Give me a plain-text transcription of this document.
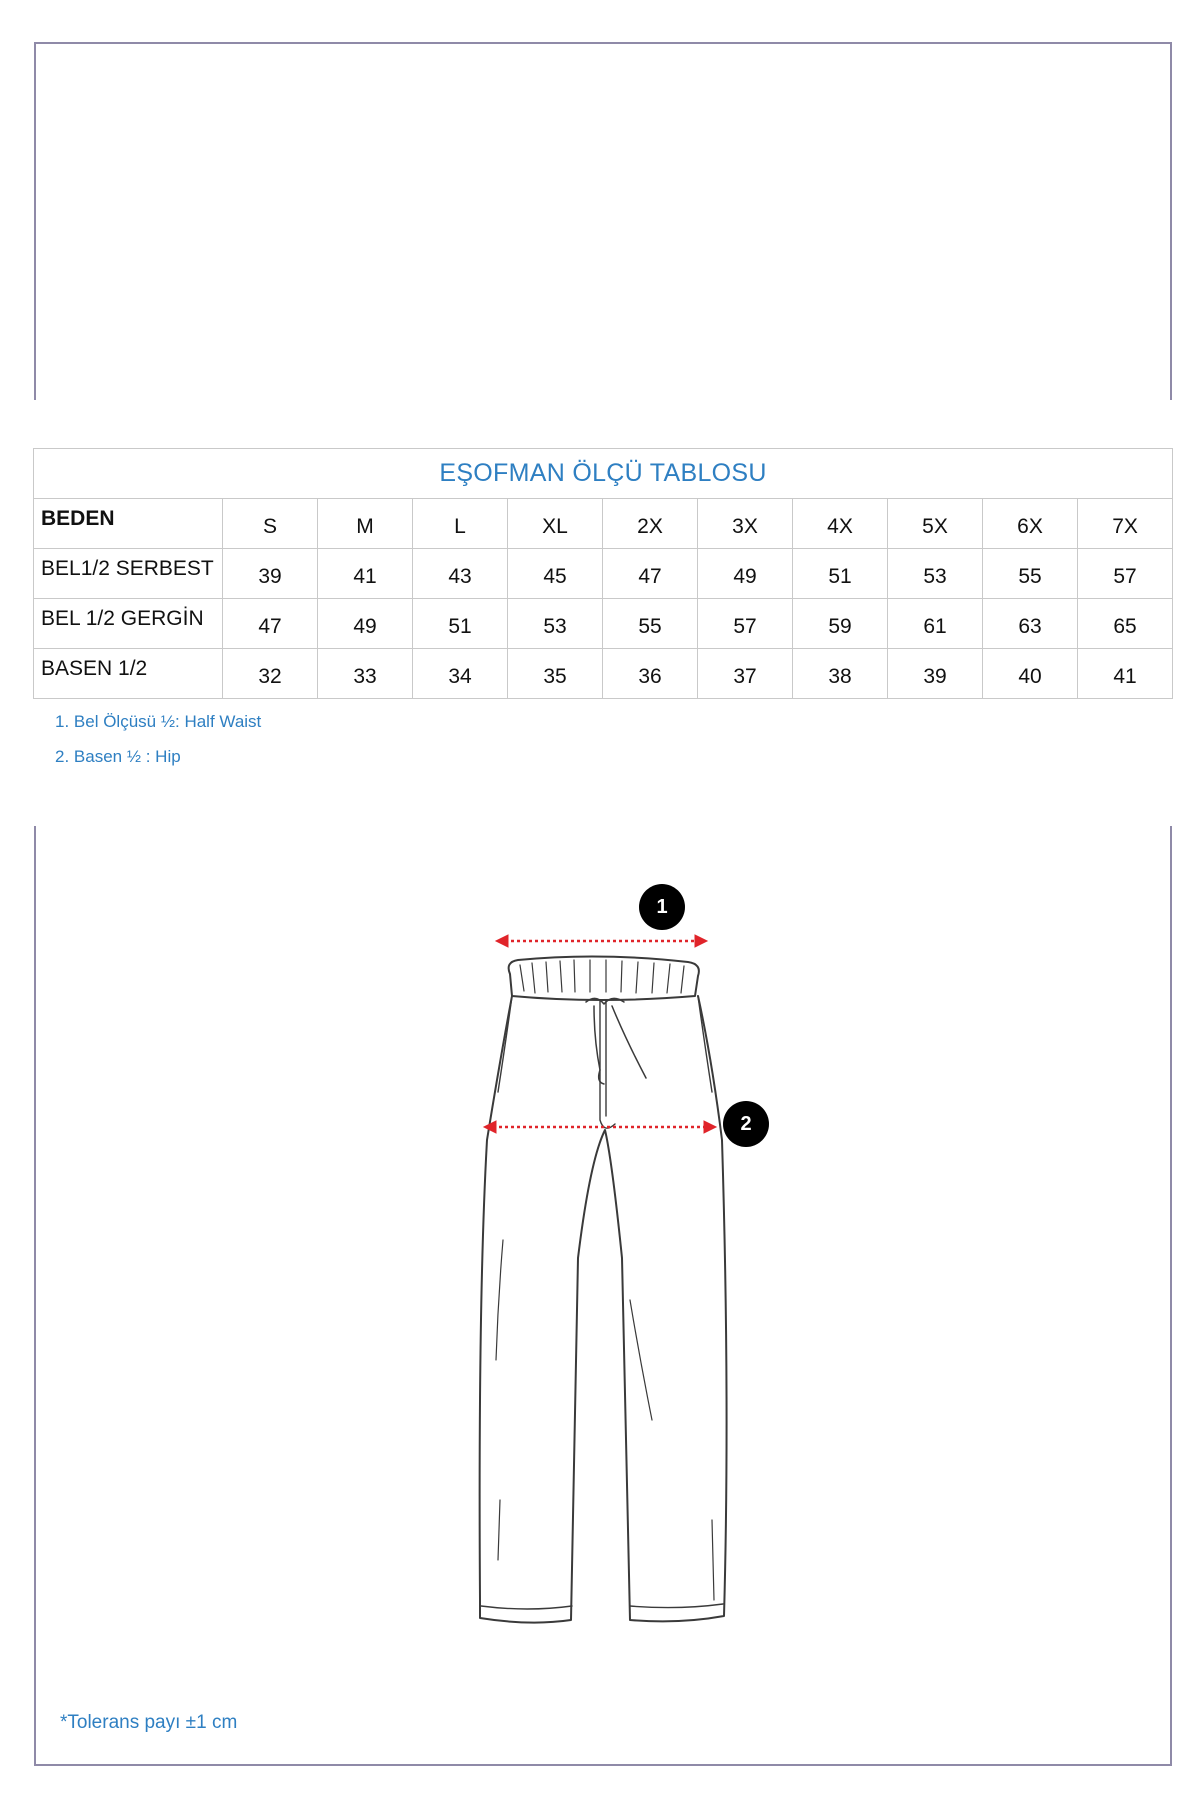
EŞOFMAN ÖLÇÜ TABLOSU										
BEDEN	S	M	L	XL	2X	3X	4X	5X	6X	7X
BEL1/2 SERBEST	39	41	43	45	47	49	51	53	55	57
BEL 1/2 GERGİN	47	49	51	53	55	57	59	61	63	65
BASEN 1/2	32	33	34	35	36	37	38	39	40	41
1. Bel Ölçüsü ½: Half Waist
2. Basen ½ : Hip
1
2
*Tolerans payı ±1 cm
